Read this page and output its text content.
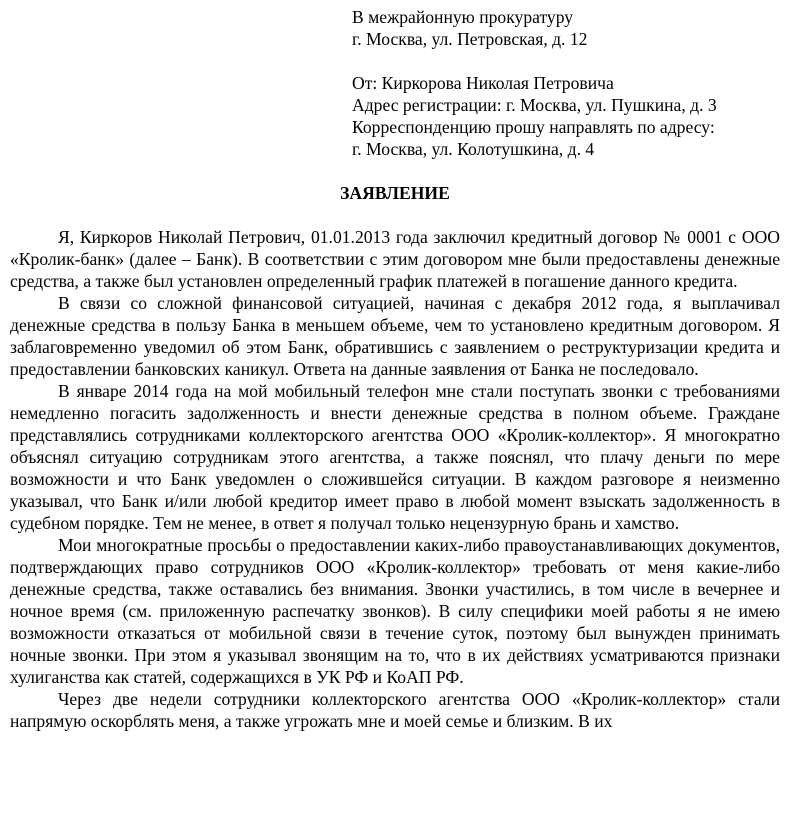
В межрайонную прокуратуру
г. Москва, ул. Петровская, д. 12
От: Киркорова Николая Петровича
Адрес регистрации: г. Москва, ул. Пушкина, д. 3
Корреспонденцию прошу направлять по адресу:
г. Москва, ул. Колотушкина, д. 4
ЗАЯВЛЕНИЕ

Я, Киркоров Николай Петрович, 01.01.2013 года заключил кредитный договор № 0001 с ООО «Кролик-банк» (далее – Банк). В соответствии с этим договором мне были предоставлены денежные средства, а также был установлен определенный график платежей в погашение данного кредита.

В связи со сложной финансовой ситуацией, начиная с декабря 2012 года, я выплачивал денежные средства в пользу Банка в меньшем объеме, чем то установлено кредитным договором. Я заблаговременно уведомил об этом Банк, обратившись с заявлением о реструктуризации кредита и предоставлении банковских каникул. Ответа на данные заявления от Банка не последовало.

В январе 2014 года на мой мобильный телефон мне стали поступать звонки с требованиями немедленно погасить задолженность и внести денежные средства в полном объеме. Граждане представлялись сотрудниками коллекторского агентства ООО «Кролик-коллектор». Я многократно объяснял ситуацию сотрудникам этого агентства, а также пояснял, что плачу деньги по мере возможности и что Банк уведомлен о сложившейся ситуации. В каждом разговоре я неизменно указывал, что Банк и/или любой кредитор имеет право в любой момент взыскать задолженность в судебном порядке. Тем не менее, в ответ я получал только нецензурную брань и хамство.

Мои многократные просьбы о предоставлении каких-либо правоустанавливающих документов, подтверждающих право сотрудников ООО «Кролик-коллектор» требовать от меня какие-либо денежные средства, также оставались без внимания. Звонки участились, в том числе в вечернее и ночное время (см. приложенную распечатку звонков). В силу специфики моей работы я не имею возможности отказаться от мобильной связи в течение суток, поэтому был вынужден принимать ночные звонки. При этом я указывал звонящим на то, что в их действиях усматриваются признаки хулиганства как статей, содержащихся в УК РФ и КоАП РФ.

Через две недели сотрудники коллекторского агентства ООО «Кролик-коллектор» стали напрямую оскорблять меня, а также угрожать мне и моей семье и близким. В их
